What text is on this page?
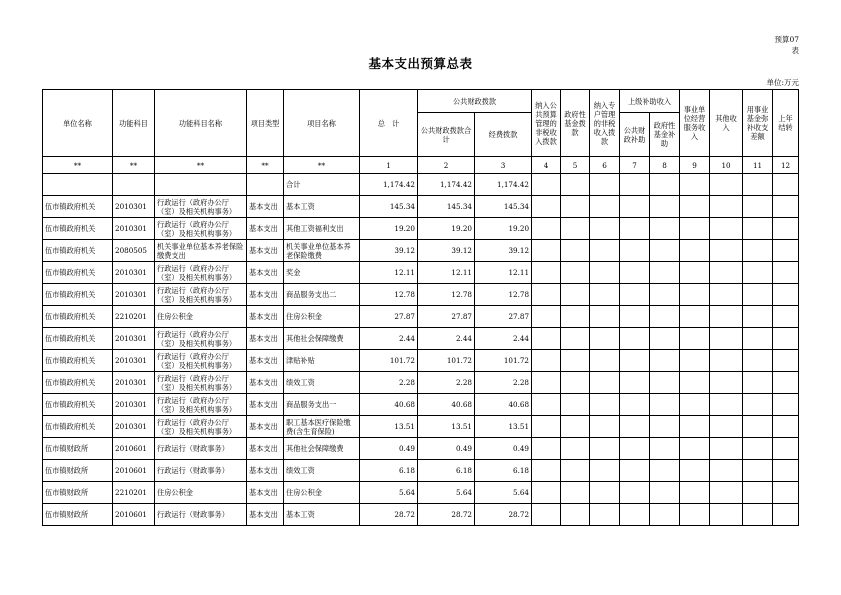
预算07
表
基本支出预算总表
单位:万元
单位名称	功能科目	功能科目名称	项目类型	项目名称	总　计	公共财政拨款		纳入公共预算管理的非税收入拨款	政府性基金拨款	纳入专户管理的非税收入拨款	上级补助收入		事业单位经营服务收入	其他收入	用事业基金弥补收支差额	上年结转
						公共财政拨款合计	经费拨款				公共财政补助	政府性基金补助				
**	**	**	**	**	1	2	3	4	5	6	7	8	9	10	11	12
				合计	1,174.42	1,174.42	1,174.42									
伍市镇政府机关	2010301	行政运行（政府办公厅（室）及相关机构事务）	基本支出	基本工资	145.34	145.34	145.34									
伍市镇政府机关	2010301	行政运行（政府办公厅（室）及相关机构事务）	基本支出	其他工资福利支出	19.20	19.20	19.20									
伍市镇政府机关	2080505	机关事业单位基本养老保险缴费支出	基本支出	机关事业单位基本养老保险缴费	39.12	39.12	39.12									
伍市镇政府机关	2010301	行政运行（政府办公厅（室）及相关机构事务）	基本支出	奖金	12.11	12.11	12.11									
伍市镇政府机关	2010301	行政运行（政府办公厅（室）及相关机构事务）	基本支出	商品服务支出二	12.78	12.78	12.78									
伍市镇政府机关	2210201	住房公积金	基本支出	住房公积金	27.87	27.87	27.87									
伍市镇政府机关	2010301	行政运行（政府办公厅（室）及相关机构事务）	基本支出	其他社会保障缴费	2.44	2.44	2.44									
伍市镇政府机关	2010301	行政运行（政府办公厅（室）及相关机构事务）	基本支出	津贴补贴	101.72	101.72	101.72									
伍市镇政府机关	2010301	行政运行（政府办公厅（室）及相关机构事务）	基本支出	绩效工资	2.28	2.28	2.28									
伍市镇政府机关	2010301	行政运行（政府办公厅（室）及相关机构事务）	基本支出	商品服务支出一	40.68	40.68	40.68									
伍市镇政府机关	2010301	行政运行（政府办公厅（室）及相关机构事务）	基本支出	职工基本医疗保险缴费(含生育保险)	13.51	13.51	13.51									
伍市镇财政所	2010601	行政运行（财政事务）	基本支出	其他社会保障缴费	0.49	0.49	0.49									
伍市镇财政所	2010601	行政运行（财政事务）	基本支出	绩效工资	6.18	6.18	6.18									
伍市镇财政所	2210201	住房公积金	基本支出	住房公积金	5.64	5.64	5.64									
伍市镇财政所	2010601	行政运行（财政事务）	基本支出	基本工资	28.72	28.72	28.72									
